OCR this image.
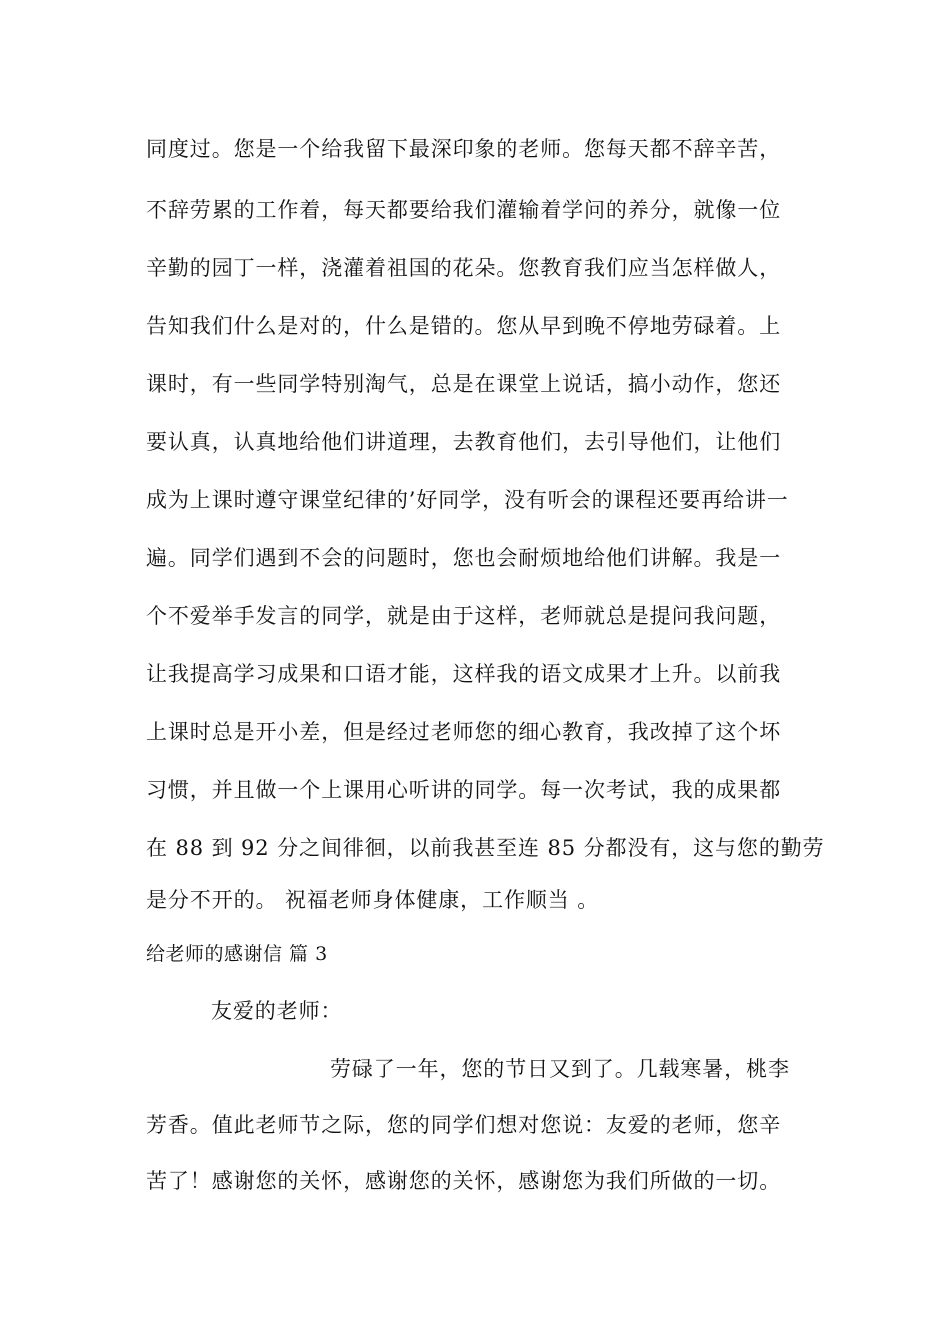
同度过。您是一个给我留下最深印象的老师。您每天都不辞辛苦，
不辞劳累的工作着，每天都要给我们灌输着学问的养分，就像一位
辛勤的园丁一样，浇灌着祖国的花朵。您教育我们应当怎样做人，
告知我们什么是对的，什么是错的。您从早到晚不停地劳碌着。上
课时，有一些同学特别淘气，总是在课堂上说话，搞小动作，您还
要认真，认真地给他们讲道理，去教育他们，去引导他们，让他们
成为上课时遵守课堂纪律的’好同学，没有听会的课程还要再给讲一
遍。同学们遇到不会的问题时，您也会耐烦地给他们讲解。我是一
个不爱举手发言的同学，就是由于这样，老师就总是提问我问题，
让我提高学习成果和口语才能，这样我的语文成果才上升。以前我
上课时总是开小差，但是经过老师您的细心教育，我改掉了这个坏
习惯，并且做一个上课用心听讲的同学。每一次考试，我的成果都
在 88 到 92 分之间徘徊，以前我甚至连 85 分都没有，这与您的勤劳
是分不开的。 祝福老师身体健康，工作顺当 。
给老师的感谢信 篇 3
友爱的老师：
劳碌了一年，您的节日又到了。几载寒暑，桃李
芳香。值此老师节之际，您的同学们想对您说：友爱的老师，您辛
苦了！感谢您的关怀，感谢您的关怀，感谢您为我们所做的一切。
